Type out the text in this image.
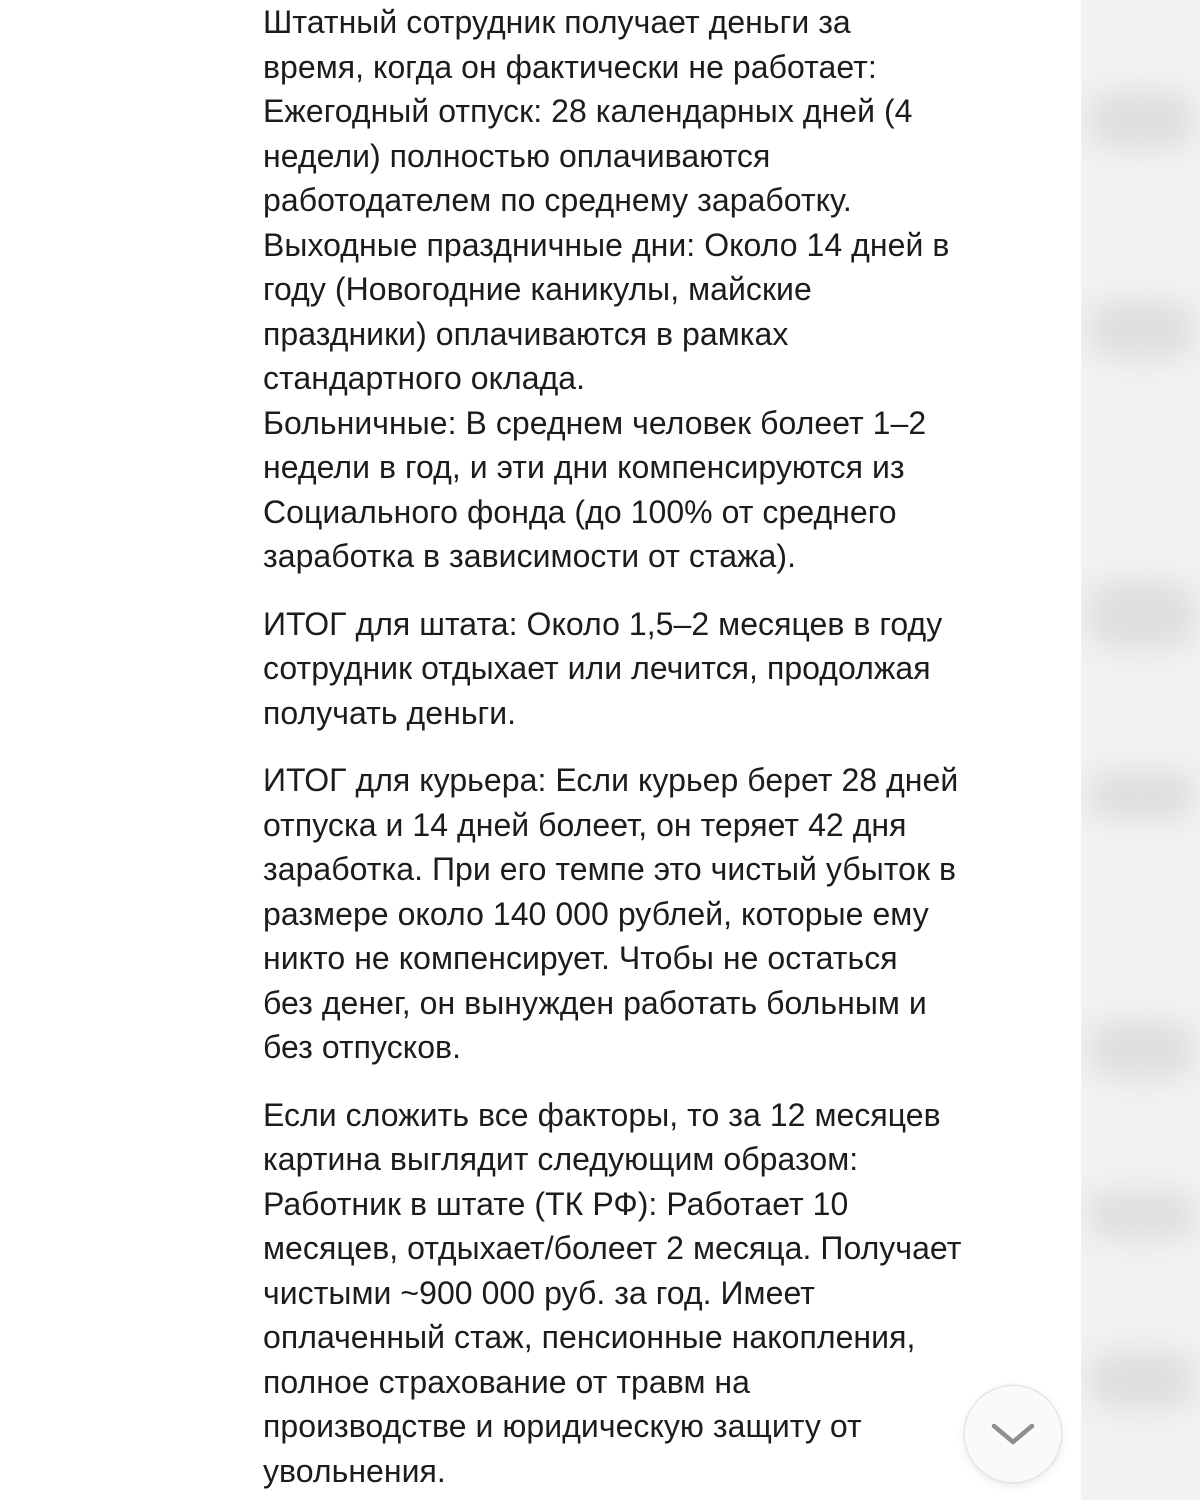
Штатный сотрудник получает деньги за
время, когда он фактически не работает:
Ежегодный отпуск: 28 календарных дней (4
недели) полностью оплачиваются
работодателем по среднему заработку.
Выходные праздничные дни: Около 14 дней в
году (Новогодние каникулы, майские
праздники) оплачиваются в рамках
стандартного оклада.
Больничные: В среднем человек болеет 1–2
недели в год, и эти дни компенсируются из
Социального фонда (до 100% от среднего
заработка в зависимости от стажа).

ИТОГ для штата: Около 1,5–2 месяцев в году
сотрудник отдыхает или лечится, продолжая
получать деньги.

ИТОГ для курьера: Если курьер берет 28 дней
отпуска и 14 дней болеет, он теряет 42 дня
заработка. При его темпе это чистый убыток в
размере около 140 000 рублей, которые ему
никто не компенсирует. Чтобы не остаться
без денег, он вынужден работать больным и
без отпусков.

Если сложить все факторы, то за 12 месяцев
картина выглядит следующим образом:
Работник в штате (ТК РФ): Работает 10
месяцев, отдыхает/болеет 2 месяца. Получает
чистыми ~900 000 руб. за год. Имеет
оплаченный стаж, пенсионные накопления,
полное страхование от травм на
производстве и юридическую защиту от
увольнения.
